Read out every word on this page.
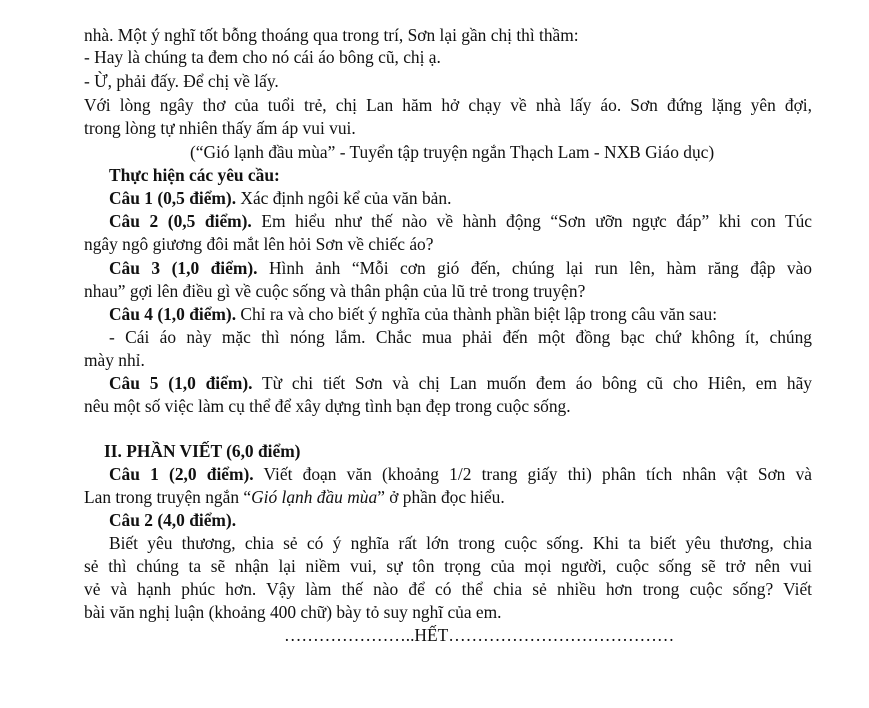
nhà. Một ý nghĩ tốt bỗng thoáng qua trong trí, Sơn lại gần chị thì thầm:

- Hay là chúng ta đem cho nó cái áo bông cũ, chị ạ.

- Ừ, phải đấy. Để chị về lấy.

Với lòng ngây thơ của tuổi trẻ, chị Lan hăm hở chạy về nhà lấy áo. Sơn đứng lặng yên đợi,

trong lòng tự nhiên thấy ấm áp vui vui.

(“Gió lạnh đầu mùa” - Tuyển tập truyện ngắn Thạch Lam - NXB Giáo dục)

Thực hiện các yêu cầu:

Câu 1 (0,5 điểm). Xác định ngôi kể của văn bản.

Câu 2 (0,5 điểm). Em hiểu như thế nào về hành động “Sơn ưỡn ngực đáp” khi con Túc

ngây ngô giương đôi mắt lên hỏi Sơn về chiếc áo?

Câu 3 (1,0 điểm). Hình ảnh “Mỗi cơn gió đến, chúng lại run lên, hàm răng đập vào

nhau” gợi lên điều gì về cuộc sống và thân phận của lũ trẻ trong truyện?

Câu 4 (1,0 điểm). Chỉ ra và cho biết ý nghĩa của thành phần biệt lập trong câu văn sau:

- Cái áo này mặc thì nóng lắm. Chắc mua phải đến một đồng bạc chứ không ít, chúng

mày nhỉ.

Câu 5 (1,0 điểm). Từ chi tiết Sơn và chị Lan muốn đem áo bông cũ cho Hiên, em hãy

nêu một số việc làm cụ thể để xây dựng tình bạn đẹp trong cuộc sống.

II. PHẦN VIẾT (6,0 điểm)

Câu 1 (2,0 điểm). Viết đoạn văn (khoảng 1/2 trang giấy thi) phân tích nhân vật Sơn và

Lan trong truyện ngắn “Gió lạnh đầu mùa” ở phần đọc hiểu.

Câu 2 (4,0 điểm).

Biết yêu thương, chia sẻ có ý nghĩa rất lớn trong cuộc sống. Khi ta biết yêu thương, chia

sẻ thì chúng ta sẽ nhận lại niềm vui, sự tôn trọng của mọi người, cuộc sống sẽ trở nên vui

vẻ và hạnh phúc hơn. Vậy làm thế nào để có thể chia sẻ nhiều hơn trong cuộc sống? Viết

bài văn nghị luận (khoảng 400 chữ) bày tỏ suy nghĩ của em.

…………………..HẾT…………………………………
